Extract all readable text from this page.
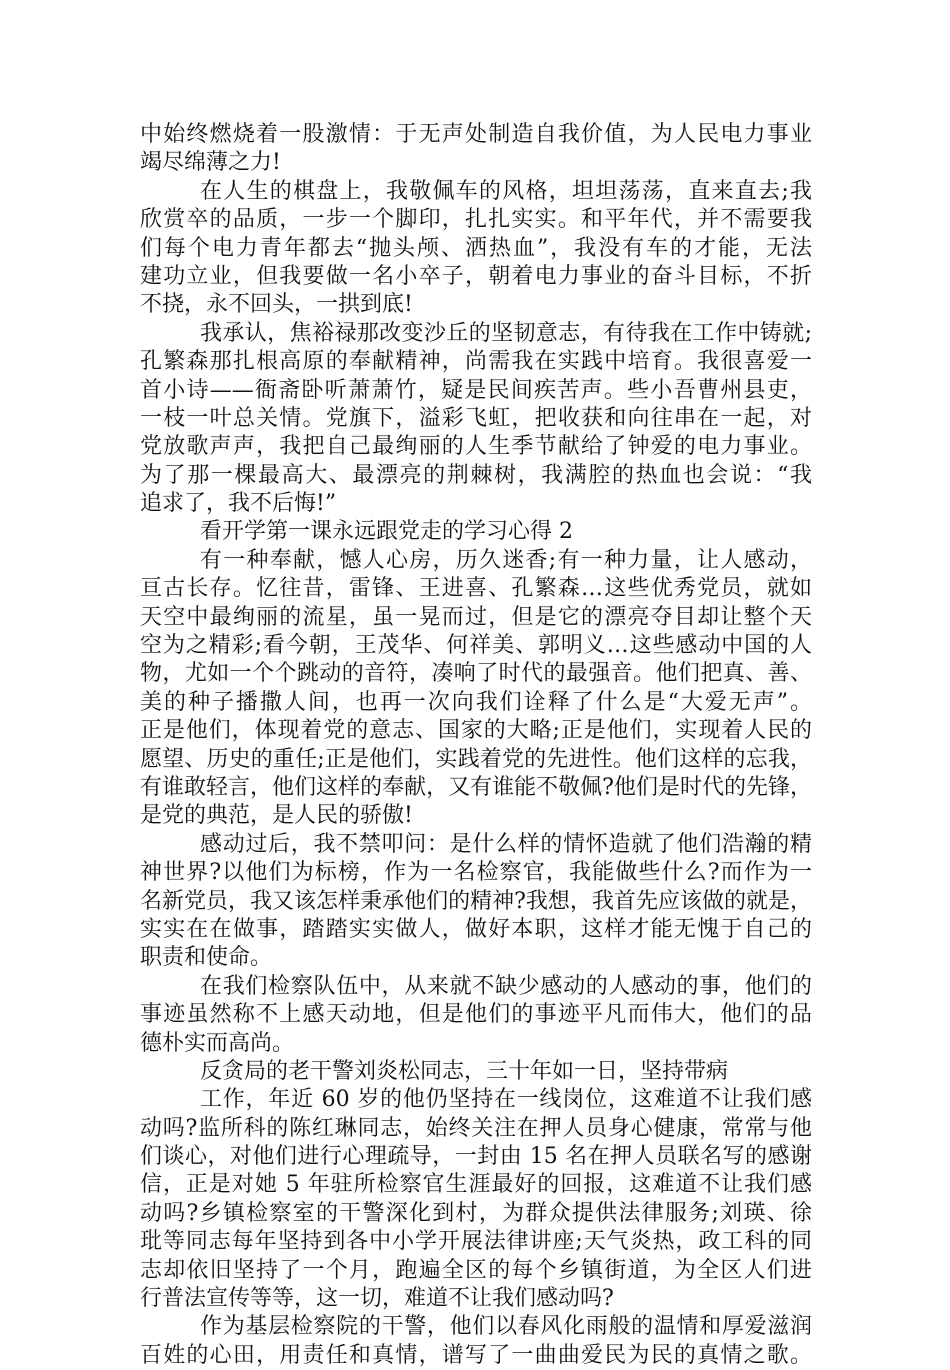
中始终燃烧着一股激情：于无声处制造自我价值，为人民电力事业
竭尽绵薄之力!
在人生的棋盘上，我敬佩车的风格，坦坦荡荡，直来直去;我
欣赏卒的品质，一步一个脚印，扎扎实实。和平年代，并不需要我
们每个电力青年都去“抛头颅、洒热血”，我没有车的才能，无法
建功立业，但我要做一名小卒子，朝着电力事业的奋斗目标，不折
不挠，永不回头，一拱到底!
我承认，焦裕禄那改变沙丘的坚韧意志，有待我在工作中铸就;
孔繁森那扎根高原的奉献精神，尚需我在实践中培育。我很喜爱一
首小诗——衙斋卧听萧萧竹，疑是民间疾苦声。些小吾曹州县吏，
一枝一叶总关情。党旗下，溢彩飞虹，把收获和向往串在一起，对
党放歌声声，我把自己最绚丽的人生季节献给了钟爱的电力事业。
为了那一棵最高大、最漂亮的荆棘树，我满腔的热血也会说：“我
追求了，我不后悔!”
看开学第一课永远跟党走的学习心得 2
有一种奉献，憾人心房，历久迷香;有一种力量，让人感动，
亘古长存。忆往昔，雷锋、王进喜、孔繁森…这些优秀党员，就如
天空中最绚丽的流星，虽一晃而过，但是它的漂亮夺目却让整个天
空为之精彩;看今朝，王茂华、何祥美、郭明义…这些感动中国的人
物，尤如一个个跳动的音符，凑响了时代的最强音。他们把真、善、
美的种子播撒人间，也再一次向我们诠释了什么是“大爱无声”。
正是他们，体现着党的意志、国家的大略;正是他们，实现着人民的
愿望、历史的重任;正是他们，实践着党的先进性。他们这样的忘我，
有谁敢轻言，他们这样的奉献，又有谁能不敬佩?他们是时代的先锋，
是党的典范，是人民的骄傲!
感动过后，我不禁叩问：是什么样的情怀造就了他们浩瀚的精
神世界?以他们为标榜，作为一名检察官，我能做些什么?而作为一
名新党员，我又该怎样秉承他们的精神?我想，我首先应该做的就是，
实实在在做事，踏踏实实做人，做好本职，这样才能无愧于自己的
职责和使命。
在我们检察队伍中，从来就不缺少感动的人感动的事，他们的
事迹虽然称不上感天动地，但是他们的事迹平凡而伟大，他们的品
德朴实而高尚。
反贪局的老干警刘炎松同志，三十年如一日，坚持带病
工作，年近 60 岁的他仍坚持在一线岗位，这难道不让我们感
动吗?监所科的陈红琳同志，始终关注在押人员身心健康，常常与他
们谈心，对他们进行心理疏导，一封由 15 名在押人员联名写的感谢
信，正是对她 5 年驻所检察官生涯最好的回报，这难道不让我们感
动吗?乡镇检察室的干警深化到村，为群众提供法律服务;刘瑛、徐
玭等同志每年坚持到各中小学开展法律讲座;天气炎热，政工科的同
志却依旧坚持了一个月，跑遍全区的每个乡镇街道，为全区人们进
行普法宣传等等，这一切，难道不让我们感动吗?
作为基层检察院的干警，他们以春风化雨般的温情和厚爱滋润
百姓的心田，用责任和真情，谱写了一曲曲爱民为民的真情之歌。
